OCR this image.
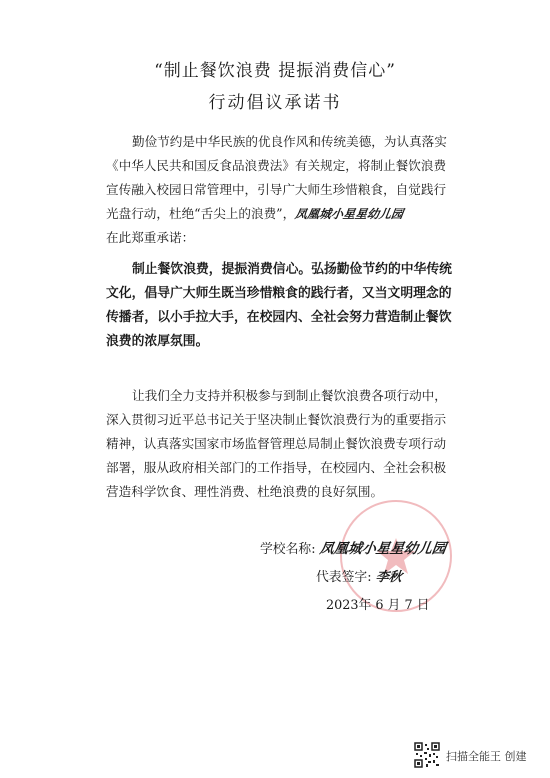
“制止餐饮浪费 提振消费信心”
行动倡议承诺书

勤俭节约是中华民族的优良作风和传统美德，为认真落实《中华人民共和国反食品浪费法》有关规定，将制止餐饮浪费宣传融入校园日常管理中，引导广大师生珍惜粮食，自觉践行光盘行动，杜绝“舌尖上的浪费”，凤凰城小星星幼儿园
在此郑重承诺：

制止餐饮浪费，提振消费信心。弘扬勤俭节约的中华传统文化，倡导广大师生既当珍惜粮食的践行者，又当文明理念的传播者，以小手拉大手，在校园内、全社会努力营造制止餐饮浪费的浓厚氛围。

让我们全力支持并积极参与到制止餐饮浪费各项行动中，深入贯彻习近平总书记关于坚决制止餐饮浪费行为的重要指示精神，认真落实国家市场监督管理总局制止餐饮浪费专项行动部署，服从政府相关部门的工作指导，在校园内、全社会积极营造科学饮食、理性消费、杜绝浪费的良好氛围。

学校名称: 凤凰城小星星幼儿园
代表签字: 李秋
2023年 6 月 7 日
扫描全能王 创建
